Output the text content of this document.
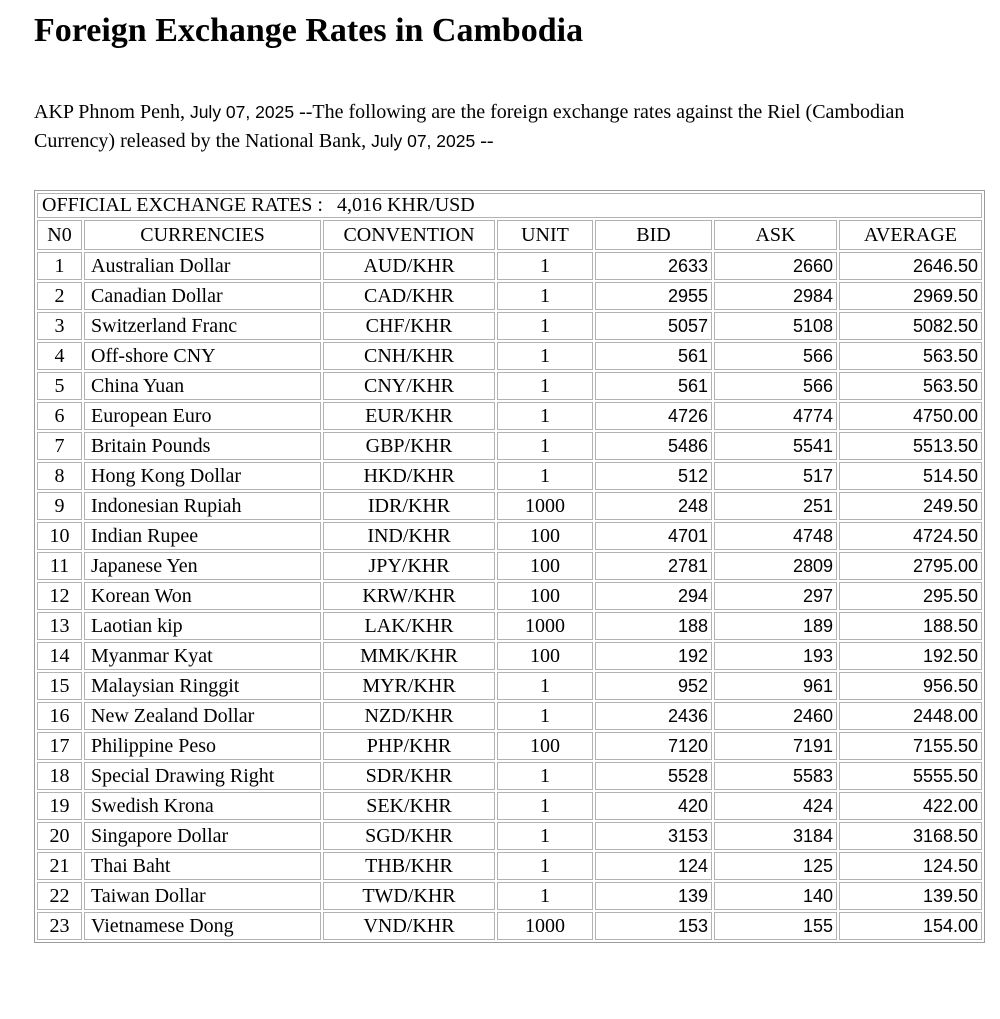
Foreign Exchange Rates in Cambodia

AKP Phnom Penh, July 07, 2025 --The following are the foreign exchange rates against the Riel (Cambodian Currency) released by the National Bank, July 07, 2025 --

OFFICIAL EXCHANGE RATES : 4,016 KHR/USD						
N0	CURRENCIES	CONVENTION	UNIT	BID	ASK	AVERAGE
1	Australian Dollar	AUD/KHR	1	2633	2660	2646.50
2	Canadian Dollar	CAD/KHR	1	2955	2984	2969.50
3	Switzerland Franc	CHF/KHR	1	5057	5108	5082.50
4	Off-shore CNY	CNH/KHR	1	561	566	563.50
5	China Yuan	CNY/KHR	1	561	566	563.50
6	European Euro	EUR/KHR	1	4726	4774	4750.00
7	Britain Pounds	GBP/KHR	1	5486	5541	5513.50
8	Hong Kong Dollar	HKD/KHR	1	512	517	514.50
9	Indonesian Rupiah	IDR/KHR	1000	248	251	249.50
10	Indian Rupee	IND/KHR	100	4701	4748	4724.50
11	Japanese Yen	JPY/KHR	100	2781	2809	2795.00
12	Korean Won	KRW/KHR	100	294	297	295.50
13	Laotian kip	LAK/KHR	1000	188	189	188.50
14	Myanmar Kyat	MMK/KHR	100	192	193	192.50
15	Malaysian Ringgit	MYR/KHR	1	952	961	956.50
16	New Zealand Dollar	NZD/KHR	1	2436	2460	2448.00
17	Philippine Peso	PHP/KHR	100	7120	7191	7155.50
18	Special Drawing Right	SDR/KHR	1	5528	5583	5555.50
19	Swedish Krona	SEK/KHR	1	420	424	422.00
20	Singapore Dollar	SGD/KHR	1	3153	3184	3168.50
21	Thai Baht	THB/KHR	1	124	125	124.50
22	Taiwan Dollar	TWD/KHR	1	139	140	139.50
23	Vietnamese Dong	VND/KHR	1000	153	155	154.00
